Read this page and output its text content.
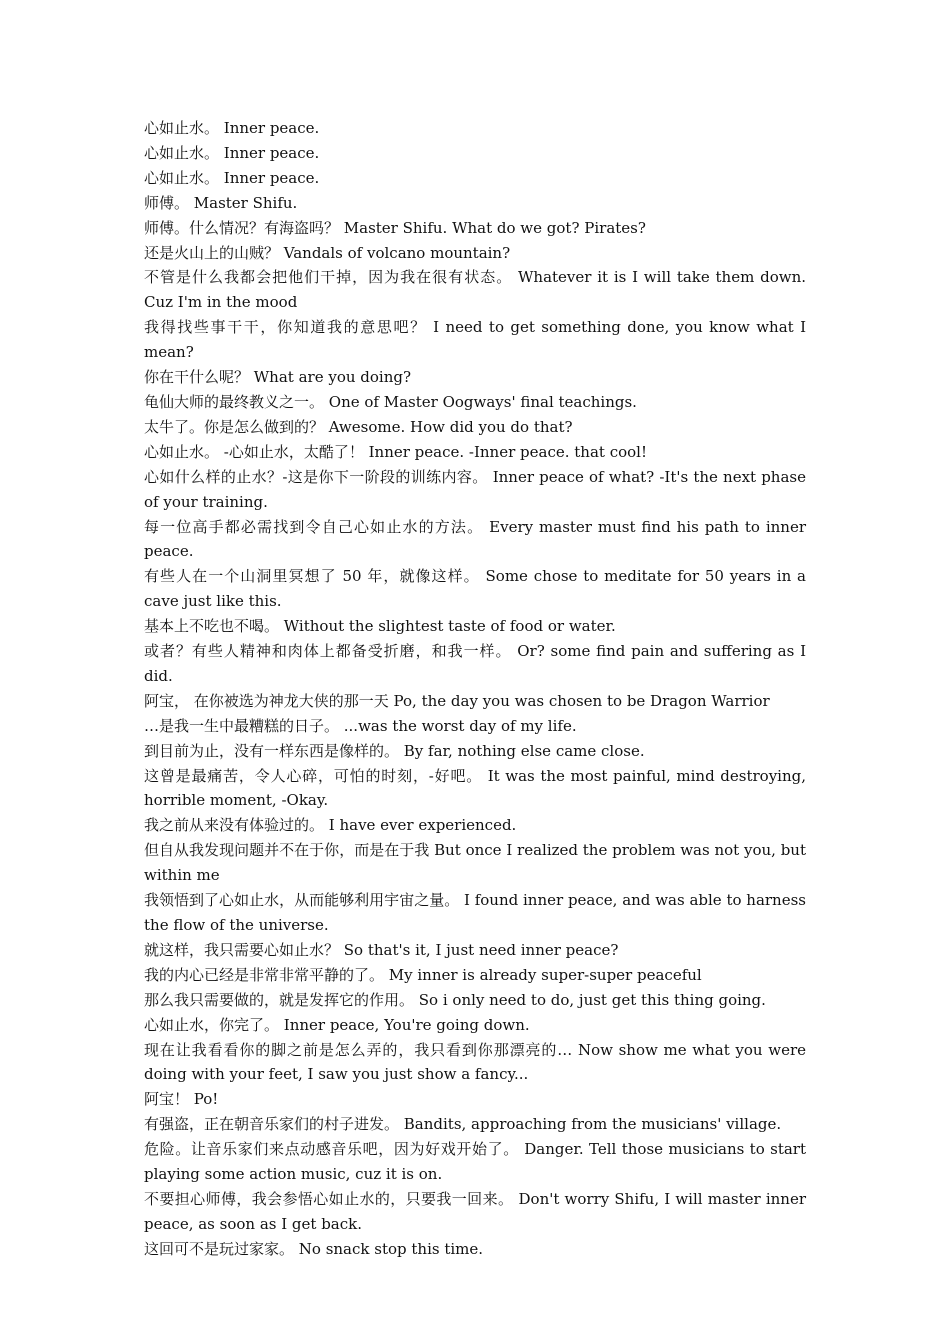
心如止水。 Inner peace.

心如止水。 Inner peace.

心如止水。 Inner peace.

师傅。 Master Shifu.

师傅。什么情况？有海盗吗？ Master Shifu. What do we got? Pirates?

还是火山上的山贼？ Vandals of volcano mountain?

不管是什么我都会把他们干掉，因为我在很有状态。 Whatever it is I will take them down. Cuz I'm in the mood

我得找些事干干，你知道我的意思吧？ I need to get something done, you know what I mean?

你在干什么呢？ What are you doing?

龟仙大师的最终教义之一。 One of Master Oogways' final teachings.

太牛了。你是怎么做到的？ Awesome. How did you do that?

心如止水。 -心如止水，太酷了！ Inner peace. -Inner peace. that cool!

心如什么样的止水？-这是你下一阶段的训练内容。 Inner peace of what? -It's the next phase of your training.

每一位高手都必需找到令自己心如止水的方法。 Every master must find his path to inner peace.

有些人在一个山洞里冥想了 50 年，就像这样。 Some chose to meditate for 50 years in a cave just like this.

基本上不吃也不喝。 Without the slightest taste of food or water.

或者？有些人精神和肉体上都备受折磨，和我一样。 Or? some find pain and suffering as I did.

阿宝， 在你被选为神龙大侠的那一天 Po, the day you was chosen to be Dragon Warrior

…是我一生中最糟糕的日子。 ...was the worst day of my life.

到目前为止，没有一样东西是像样的。 By far, nothing else came close.

这曾是最痛苦，令人心碎，可怕的时刻，-好吧。 It was the most painful, mind destroying, horrible moment, -Okay.

我之前从来没有体验过的。 I have ever experienced.

但自从我发现问题并不在于你，而是在于我 But once I realized the problem was not you, but within me

我领悟到了心如止水，从而能够利用宇宙之量。 I found inner peace, and was able to harness the flow of the universe.

就这样，我只需要心如止水？ So that's it, I just need inner peace?

我的内心已经是非常非常平静的了。 My inner is already super-super peaceful

那么我只需要做的，就是发挥它的作用。 So i only need to do, just get this thing going.

心如止水，你完了。 Inner peace, You're going down.

现在让我看看你的脚之前是怎么弄的，我只看到你那漂亮的… Now show me what you were doing with your feet, I saw you just show a fancy...

阿宝！ Po!

有强盗，正在朝音乐家们的村子进发。 Bandits, approaching from the musicians' village.

危险。让音乐家们来点动感音乐吧，因为好戏开始了。 Danger. Tell those musicians to start playing some action music, cuz it is on.

不要担心师傅，我会参悟心如止水的，只要我一回来。 Don't worry Shifu, I will master inner peace, as soon as I get back.

这回可不是玩过家家。 No snack stop this time.
